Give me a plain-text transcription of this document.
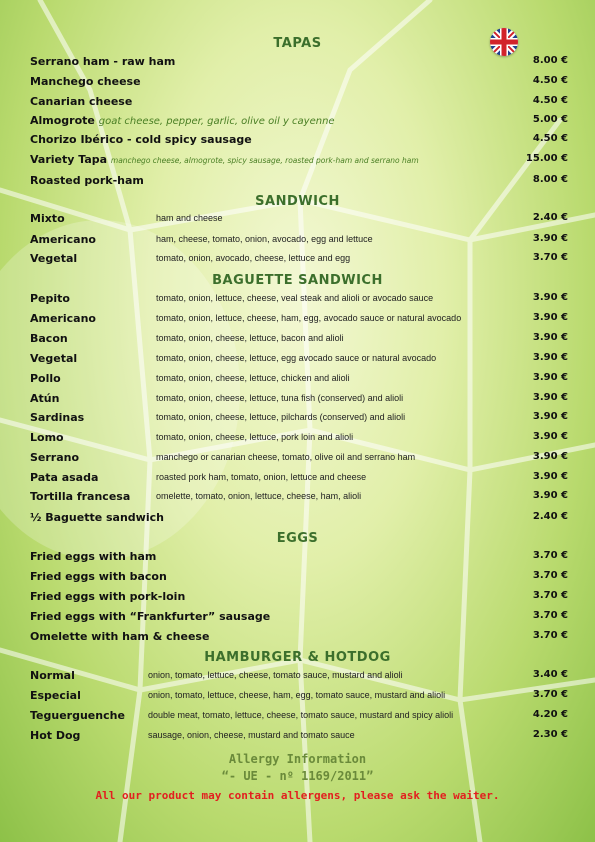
TAPAS
Serrano ham - raw ham	8.00 €
Manchego cheese	4.50 €
Canarian cheese	4.50 €
Almogrote goat cheese, pepper, garlic, olive oil y cayenne	5.00 €
Chorizo Ibérico - cold spicy sausage	4.50 €
Variety Tapa manchego cheese, almogrote, spicy sausage, roasted pork-ham and serrano ham	15.00 €
Roasted pork-ham	8.00 €
SANDWICH
Mixto	ham and cheese	2.40 €
Americano	ham, cheese, tomato, onion, avocado, egg and lettuce	3.90 €
Vegetal	tomato, onion, avocado, cheese, lettuce and egg	3.70 €
BAGUETTE SANDWICH
Pepito	tomato, onion, lettuce, cheese, veal steak and alioli or avocado sauce	3.90 €
Americano	tomato, onion, lettuce, cheese, ham, egg, avocado sauce or natural avocado	3.90 €
Bacon	tomato, onion, cheese, lettuce, bacon and alioli	3.90 €
Vegetal	tomato, onion, cheese, lettuce, egg avocado sauce or natural avocado	3.90 €
Pollo	tomato, onion, cheese, lettuce, chicken and alioli	3.90 €
Atún	tomato, onion, cheese, lettuce, tuna fish (conserved) and alioli	3.90 €
Sardinas	tomato, onion, cheese, lettuce, pilchards (conserved) and alioli	3.90 €
Lomo	tomato, onion, cheese, lettuce, pork loin and alioli	3.90 €
Serrano	manchego or canarian cheese, tomato, olive oil and serrano ham	3.90 €
Pata asada	roasted pork ham, tomato, onion, lettuce and cheese	3.90 €
Tortilla francesa	omelette, tomato, onion, lettuce, cheese, ham, alioli	3.90 €
½ Baguette sandwich	2.40 €
EGGS
Fried eggs with ham	3.70 €
Fried eggs with bacon	3.70 €
Fried eggs with pork-loin	3.70 €
Fried eggs with “Frankfurter” sausage	3.70 €
Omelette with ham & cheese	3.70 €
HAMBURGER & HOTDOG
Normal	onion, tomato, lettuce, cheese, tomato sauce, mustard and alioli	3.40 €
Especial	onion, tomato, lettuce, cheese, ham, egg, tomato sauce, mustard and alioli	3.70 €
Teguerguenche	double meat, tomato, lettuce, cheese, tomato sauce, mustard and spicy alioli	4.20 €
Hot Dog	sausage, onion, cheese, mustard and tomato sauce	2.30 €
Allergy Information
“- UE - nº 1169/2011”
All our product may contain allergens, please ask the waiter.
